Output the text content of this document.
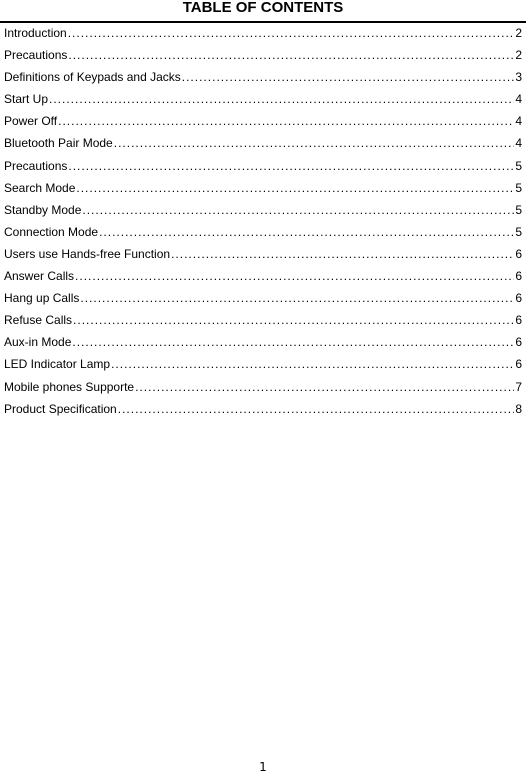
TABLE OF CONTENTS
Introduction .....	2
Precautions .....	2
Definitions of Keypads and Jacks .....	3
Start Up .....	4
Power Off .....	4
Bluetooth Pair Mode .....	4
Precautions .....	5
Search Mode .....	5
Standby Mode .....	5
Connection Mode .....	5
Users use Hands-free Function .....	6
Answer Calls .....	6
Hang up Calls .....	6
Refuse Calls .....	6
Aux-in Mode .....	6
LED Indicator Lamp .....	6
Mobile phones Supporte .....	7
Product Specification .....	8
1
